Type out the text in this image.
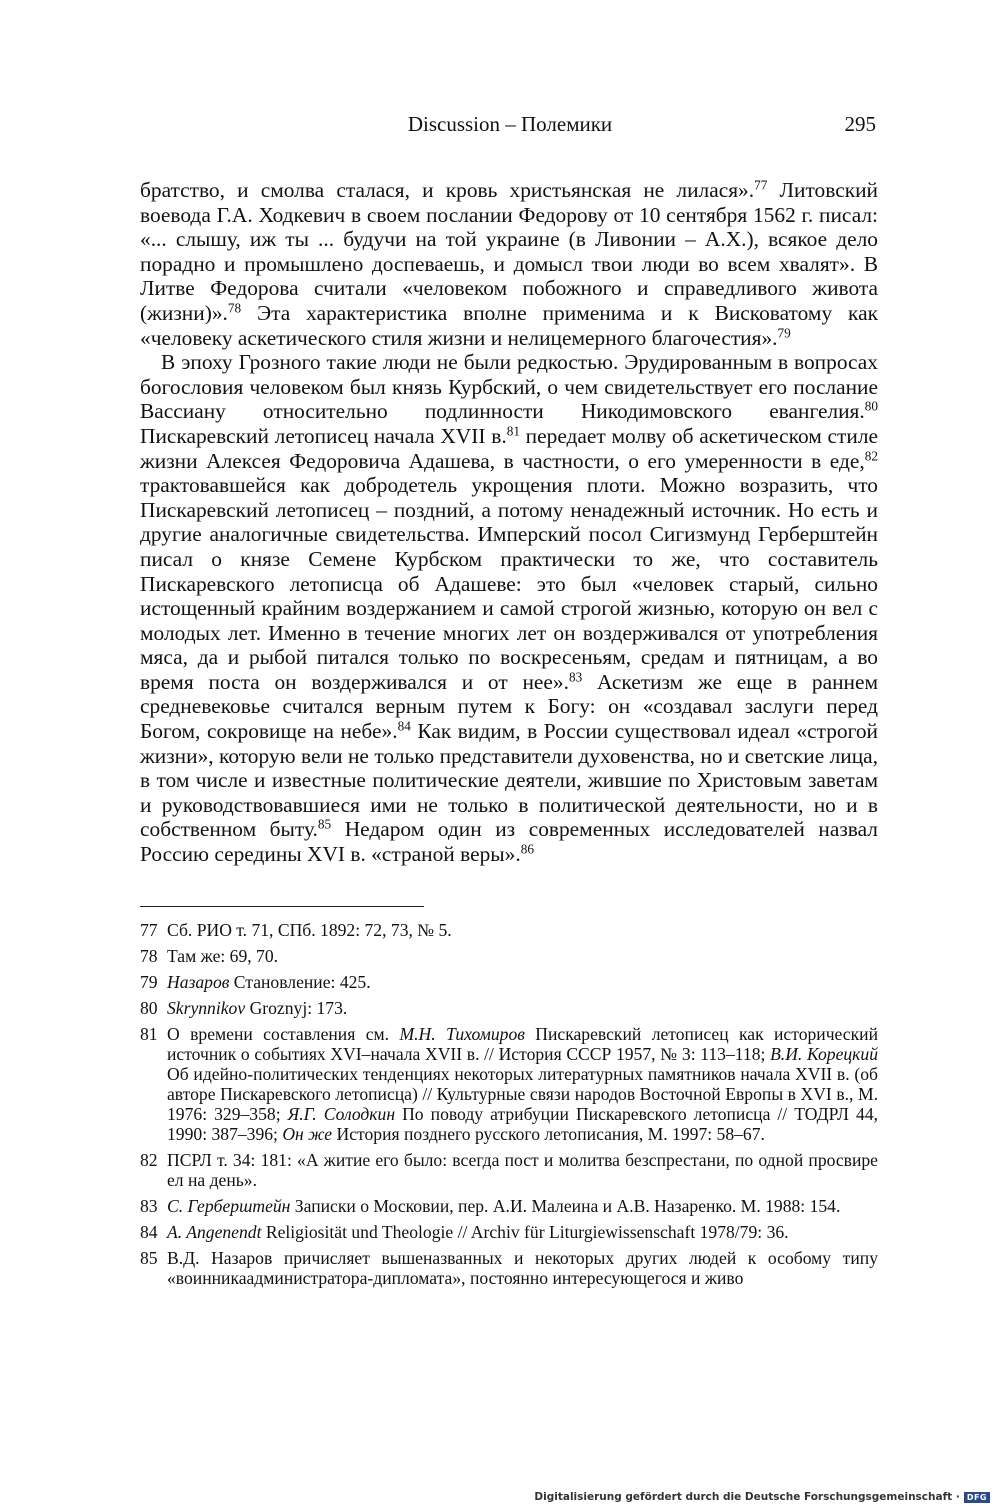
Discussion – Полемики	295

братство, и смолва сталася, и кровь христьянская не лилася».$^{77}$ Литовский воевода Г.А. Ходкевич в своем послании Федорову от 10 сентября 1562 г. писал: «... слышу, иж ты ... будучи на той украине (в Ливонии – А.Х.), всякое дело порадно и промышлено доспеваешь, и домысл твои люди во всем хвалят». В Литве Федорова считали «человеком побожного и справедливого живота (жизни)».$^{78}$ Эта характеристика вполне применима и к Висковатому как «человеку аскетического стиля жизни и нелицемерного благочестия».$^{79}$

В эпоху Грозного такие люди не были редкостью. Эрудированным в вопросах богословия человеком был князь Курбский, о чем свидетельствует его послание Вассиану относительно подлинности Никодимовского евангелия.$^{80}$ Пискаревский летописец начала XVII в.$^{81}$ передает молву об аскетическом стиле жизни Алексея Федоровича Адашева, в частности, о его умеренности в еде,$^{82}$ трактовавшейся как добродетель укрощения плоти. Можно возразить, что Пискаревский летописец – поздний, а потому ненадежный источник. Но есть и другие аналогичные свидетельства. Имперский посол Сигизмунд Герберштейн писал о князе Семене Курбском практически то же, что составитель Пискаревского летописца об Адашеве: это был «человек старый, сильно истощенный крайним воздержанием и самой строгой жизнью, которую он вел с молодых лет. Именно в течение многих лет он воздерживался от употребления мяса, да и рыбой питался только по воскресеньям, средам и пятницам, а во время поста он воздерживался и от нее».$^{83}$ Аскетизм же еще в раннем средневековье считался верным путем к Богу: он «создавал заслуги перед Богом, сокровище на небе».$^{84}$ Как видим, в России существовал идеал «строгой жизни», которую вели не только представители духовенства, но и светские лица, в том числе и известные политические деятели, жившие по Христовым заветам и руководствовавшиеся ими не только в политической деятельности, но и в собственном быту.$^{85}$ Недаром один из современных исследователей назвал Россию середины XVI в. «страной веры».$^{86}$

77 Сб. РИО т. 71, СПб. 1892: 72, 73, № 5.
78 Там же: 69, 70.
79 Назаров Становление: 425.
80 Skrynnikov Groznyj: 173.
81 О времени составления см. М.Н. Тихомиров Пискаревский летописец как исторический источник о событиях XVI–начала XVII в. // История СССР 1957, № 3: 113–118; В.И. Корецкий Об идейно-политических тенденциях некоторых литературных памятников начала XVII в. (об авторе Пискаревского летописца) // Культурные связи народов Восточной Европы в XVI в., М. 1976: 329–358; Я.Г. Солодкин По поводу атрибуции Пискаревского летописца // ТОДРЛ 44, 1990: 387–396; Он же История позднего русского летописания, М. 1997: 58–67.
82 ПСРЛ т. 34: 181: «А житие его было: всегда пост и молитва безспрестани, по одной просвире ел на день».
83 С. Герберштейн Записки о Московии, пер. А.И. Малеина и А.В. Назаренко. М. 1988: 154.
84 A. Angenendt Religiosität und Theologie // Archiv für Liturgiewissenschaft 1978/79: 36.
85 В.Д. Назаров причисляет вышеназванных и некоторых других людей к особому типу «воинникаадминистратора-дипломата», постоянно интересующегося и живо
Digitalisierung gefördert durch die Deutsche Forschungsgemeinschaft · DFG
